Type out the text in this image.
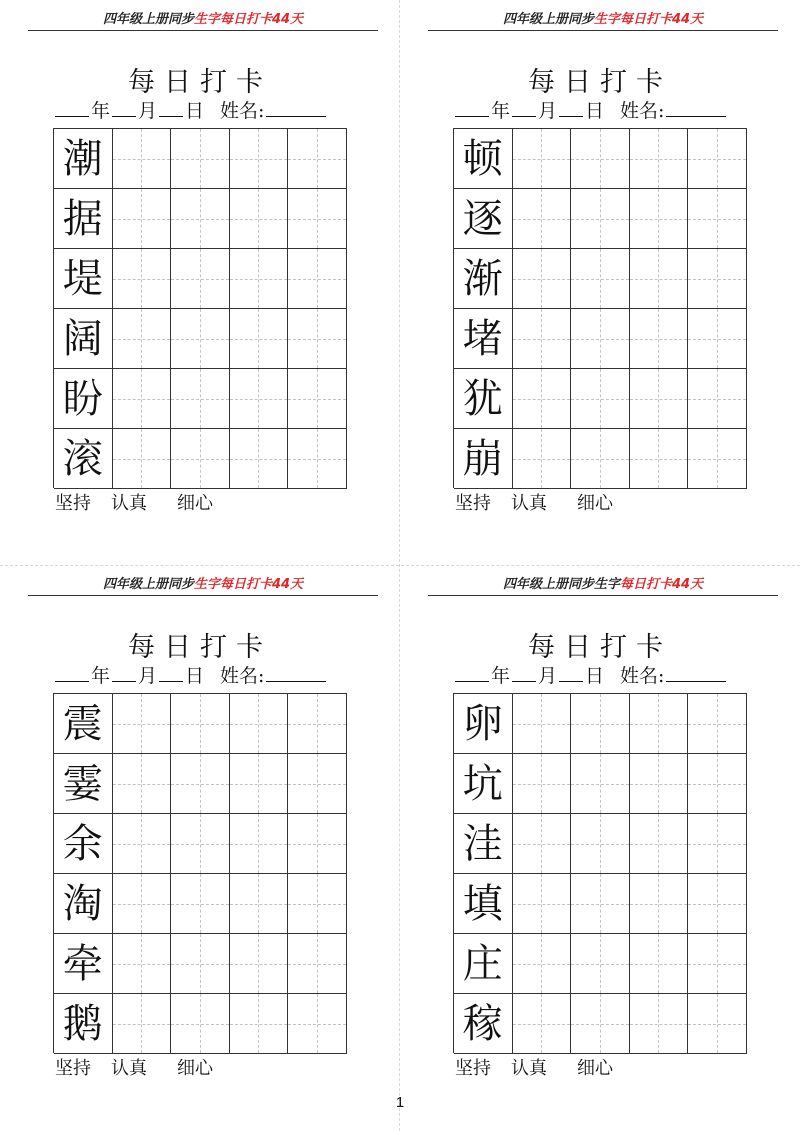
四年级上册同步生字每日打卡44天
每日打卡
年 月 日 姓名:
潮
据
堤
阔
盼
滚
坚持 认真 细心
四年级上册同步生字每日打卡44天
每日打卡
年 月 日 姓名:
顿
逐
渐
堵
犹
崩
坚持 认真 细心
四年级上册同步生字每日打卡44天
每日打卡
年 月 日 姓名:
震
霎
余
淘
牵
鹅
坚持 认真 细心
四年级上册同步生字每日打卡44天
每日打卡
年 月 日 姓名:
卵
坑
洼
填
庄
稼
坚持 认真 细心
1
